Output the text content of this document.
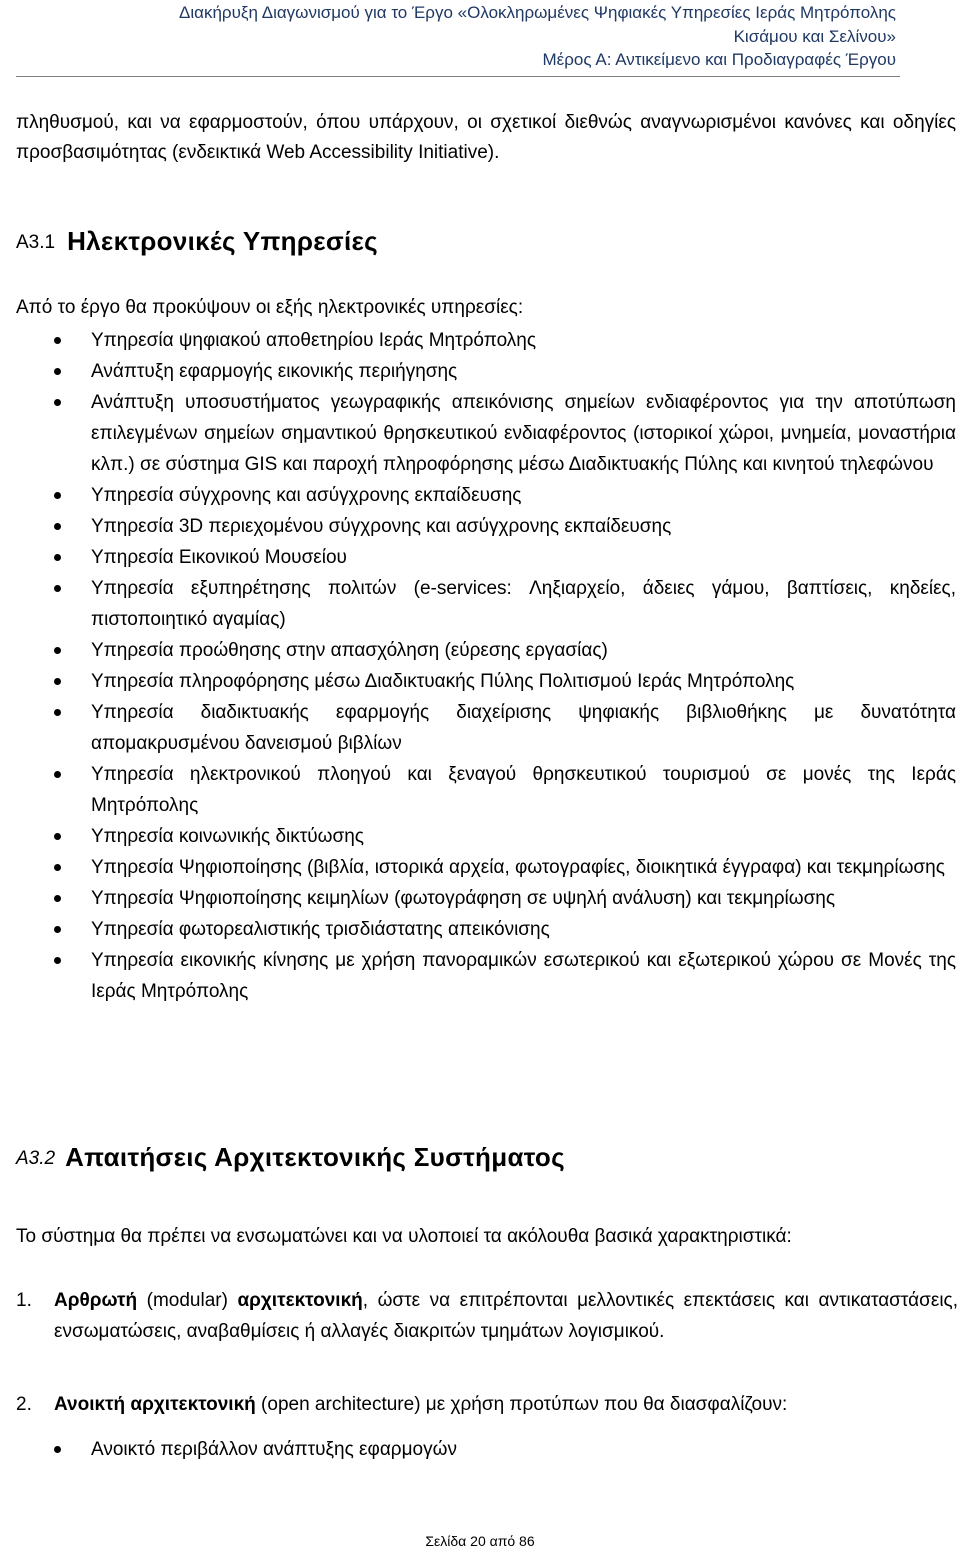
Διακήρυξη Διαγωνισμού για το Έργο «Ολοκληρωμένες Ψηφιακές Υπηρεσίες Ιεράς Μητρόπολης
Κισάμου και Σελίνου»
Μέρος Α: Αντικείμενο και Προδιαγραφές Έργου
πληθυσμού, και να εφαρμοστούν, όπου υπάρχουν, οι σχετικοί διεθνώς αναγνωρισμένοι κανόνες και οδηγίες προσβασιμότητας (ενδεικτικά Web Accessibility Initiative).
Α3.1 Ηλεκτρονικές Υπηρεσίες
Από το έργο θα προκύψουν οι εξής ηλεκτρονικές υπηρεσίες:
Υπηρεσία ψηφιακού αποθετηρίου Ιεράς Μητρόπολης
Ανάπτυξη εφαρμογής εικονικής περιήγησης
Ανάπτυξη υποσυστήματος γεωγραφικής απεικόνισης σημείων ενδιαφέροντος για την αποτύπωση επιλεγμένων σημείων σημαντικού θρησκευτικού ενδιαφέροντος (ιστορικοί χώροι, μνημεία, μοναστήρια κλπ.) σε σύστημα GIS και παροχή πληροφόρησης μέσω Διαδικτυακής Πύλης και κινητού τηλεφώνου
Υπηρεσία σύγχρονης και ασύγχρονης εκπαίδευσης
Υπηρεσία 3D περιεχομένου σύγχρονης και ασύγχρονης εκπαίδευσης
Υπηρεσία Εικονικού Μουσείου
Υπηρεσία εξυπηρέτησης πολιτών (e-services: Ληξιαρχείο, άδειες γάμου, βαπτίσεις, κηδείες, πιστοποιητικό αγαμίας)
Υπηρεσία προώθησης στην απασχόληση (εύρεσης εργασίας)
Υπηρεσία πληροφόρησης μέσω Διαδικτυακής Πύλης Πολιτισμού Ιεράς Μητρόπολης
Υπηρεσία διαδικτυακής εφαρμογής διαχείρισης ψηφιακής βιβλιοθήκης με δυνατότητα απομακρυσμένου δανεισμού βιβλίων
Υπηρεσία ηλεκτρονικού πλοηγού και ξεναγού θρησκευτικού τουρισμού σε μονές της Ιεράς Μητρόπολης
Υπηρεσία κοινωνικής δικτύωσης
Υπηρεσία Ψηφιοποίησης (βιβλία, ιστορικά αρχεία, φωτογραφίες, διοικητικά έγγραφα) και τεκμηρίωσης
Υπηρεσία Ψηφιοποίησης κειμηλίων (φωτογράφηση σε υψηλή ανάλυση) και τεκμηρίωσης
Υπηρεσία φωτορεαλιστικής τρισδιάστατης απεικόνισης
Υπηρεσία εικονικής κίνησης με χρήση πανοραμικών εσωτερικού και εξωτερικού χώρου σε Μονές της Ιεράς Μητρόπολης
Α3.2 Απαιτήσεις Αρχιτεκτονικής Συστήματος
Το σύστημα θα πρέπει να ενσωματώνει και να υλοποιεί τα ακόλουθα βασικά χαρακτηριστικά:
1. Αρθρωτή (modular) αρχιτεκτονική, ώστε να επιτρέπονται μελλοντικές επεκτάσεις και αντικαταστάσεις, ενσωματώσεις, αναβαθμίσεις ή αλλαγές διακριτών τμημάτων λογισμικού.
2. Ανοικτή αρχιτεκτονική (open architecture) με χρήση προτύπων που θα διασφαλίζουν:
Ανοικτό περιβάλλον ανάπτυξης εφαρμογών
Σελίδα 20 από 86
